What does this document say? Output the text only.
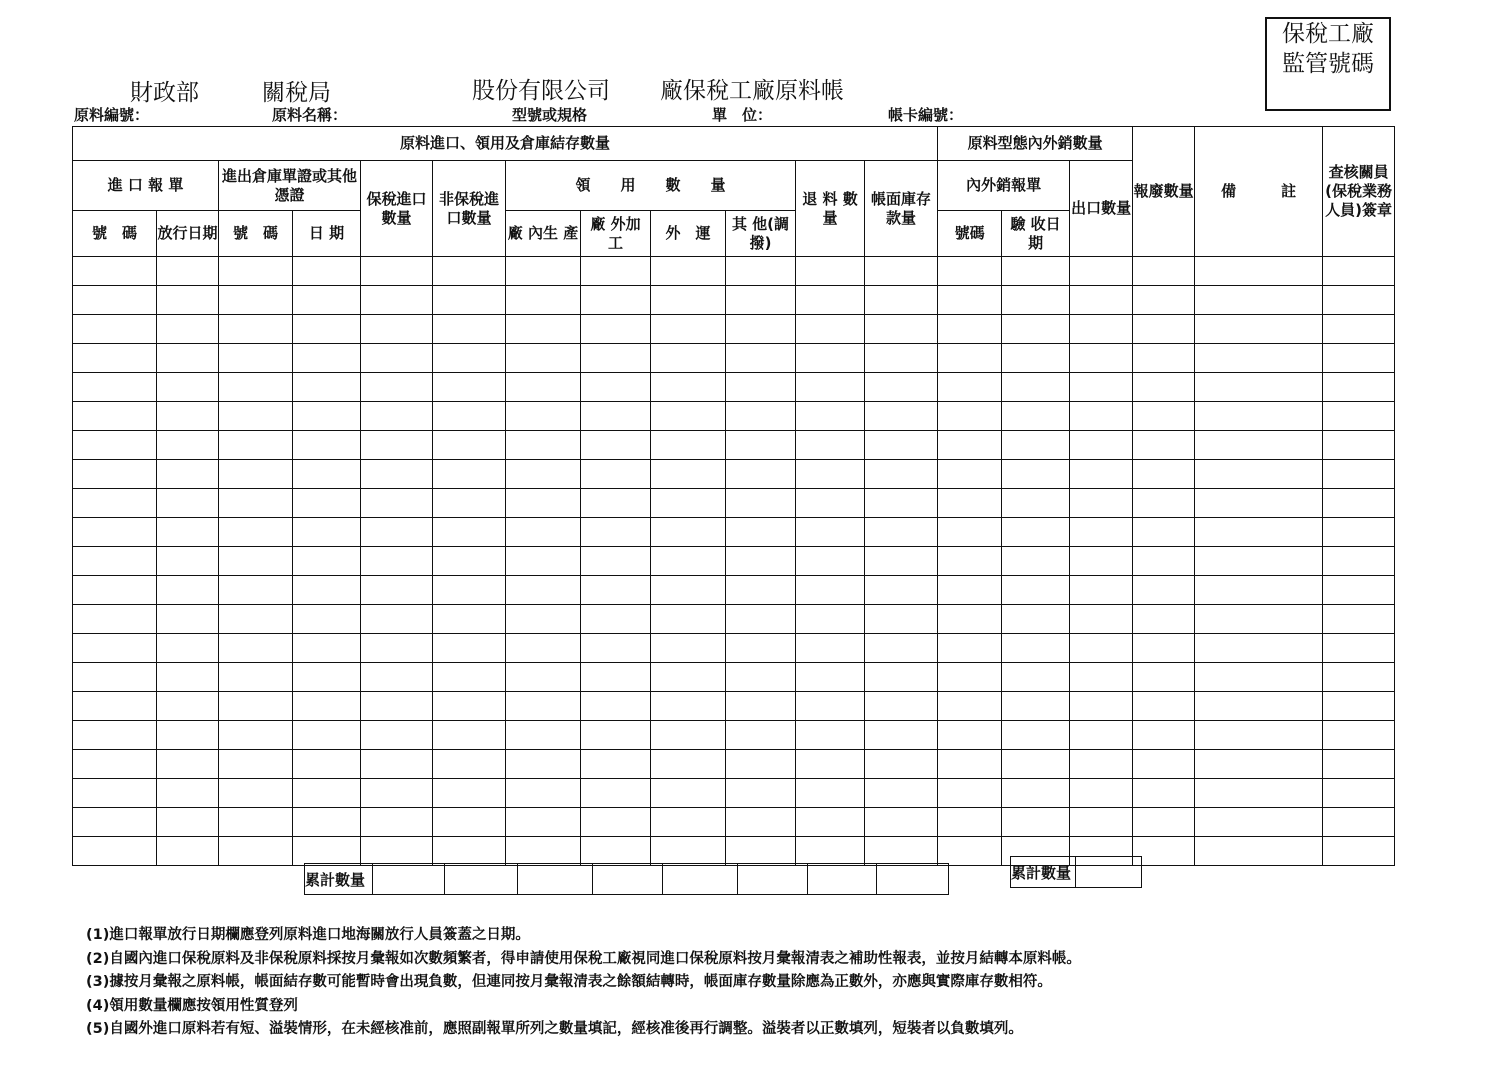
財政部	關稅局	股份有限公司 廠保稅工廠原料帳
保稅工廠
監管號碼
原料編號：	原料名稱：	型號或規格	單　位：	帳卡編號：
原料進口、領用及倉庫結存數量												原料型態內外銷數量			報廢數量	備　　　註	查核關員(保稅業務人員)簽章
進 口 報 單		進出倉庫單證或其他憑證		保稅進口數量	非保稅進口數量	領　　用　　數　　量				退 料 數 量	帳面庫存款量	內外銷報單		出口數量			
號　碼	放行日期	號　碼	日 期			廠 內生 產	廠 外加 工	外　運	其 他(調撥)			號碼	驗 收日 期				

累計數量									累計數量	
(1)進口報單放行日期欄應登列原料進口地海關放行人員簽蓋之日期。
(2)自國內進口保稅原料及非保稅原料採按月彙報如次數頻繁者，得申請使用保稅工廠視同進口保稅原料按月彙報清表之補助性報表，並按月結轉本原料帳。
(3)據按月彙報之原料帳，帳面結存數可能暫時會出現負數，但連同按月彙報清表之餘額結轉時，帳面庫存數量除應為正數外，亦應與實際庫存數相符。
(4)領用數量欄應按領用性質登列
(5)自國外進口原料若有短、溢裝情形，在未經核准前，應照副報單所列之數量填記，經核准後再行調整。溢裝者以正數填列，短裝者以負數填列。
